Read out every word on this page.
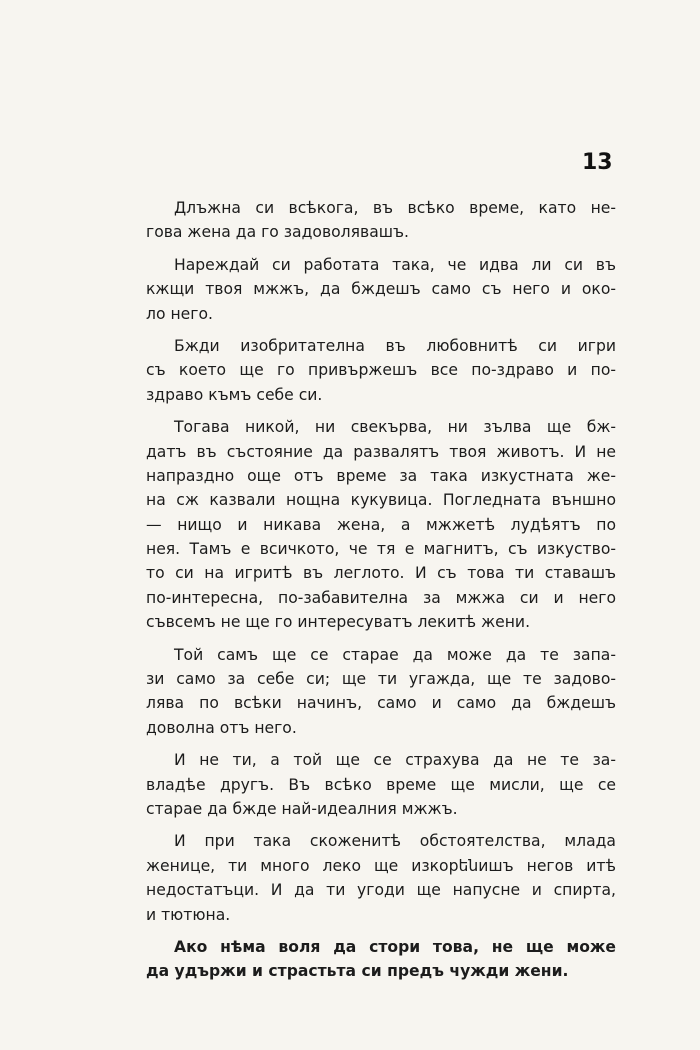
13
Длъжна си всѣкога, въ всѣко време, като не-
гова жена да го задоволявашъ.
Нареждай си работата така, че идва ли си въ
кжщи твоя мжжъ, да бждешъ само съ него и око-
ло него.
Бжди изобритателна въ любовнитѣ си игри
съ което ще го привържешъ все по-здраво и по-
здраво къмъ себе си.
Тогава никой, ни свекърва, ни зълва ще бж-
датъ въ състояние да развалятъ твоя животъ. И не
напраздно още отъ време за така изкустната же-
на сж казвали нощна кукувица. Погледната външно
— нищо и никава жена, а мжжетѣ лудѣятъ по
нея. Тамъ е всичкото, че тя е магнитъ, съ изкуство-
то си на игритѣ въ леглото. И съ това ти ставашъ
по-интересна, по-забавителна за мжжа си и него
съвсемъ не ще го интересуватъ лекитѣ жени.
Той самъ ще се старае да може да те запа-
зи само за себе си; ще ти угажда, ще те задово-
лява по всѣки начинъ, само и само да бждешъ
доволна отъ него.
И не ти, а той ще се страхува да не те за-
владѣе другъ. Въ всѣко време ще мисли, ще се
старае да бжде най-идеалния мжжъ.
И при така скоженитѣ обстоятелства, млада
женице, ти много леко ще изкорենишъ негов итѣ
недостатъци. И да ти угоди ще напусне и спирта,
и тютюна.
Ако нѣма воля да стори това, не ще може
да удържи и страстьта си предъ чужди жени.
